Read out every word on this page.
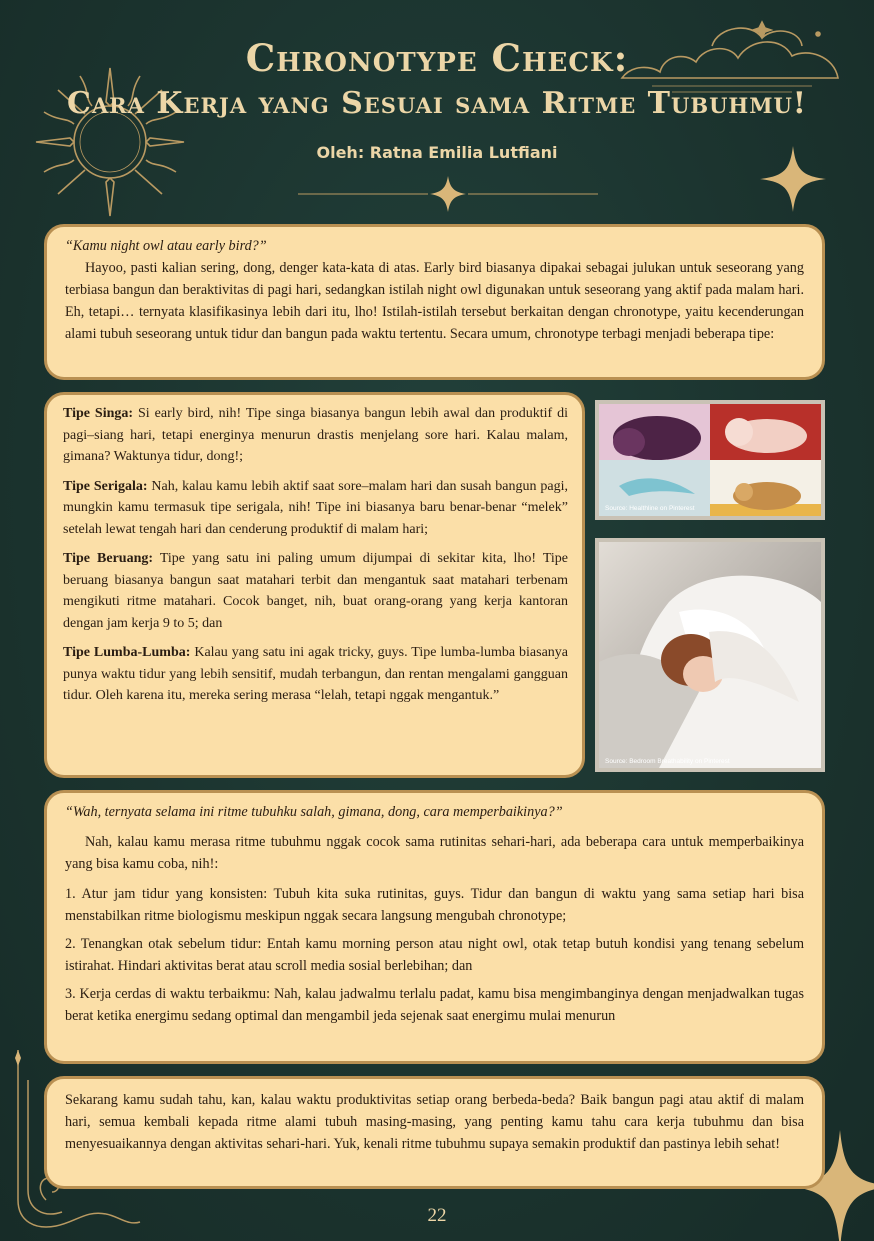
Chronotype Check:
Cara Kerja yang Sesuai sama Ritme Tubuhmu!
Oleh: Ratna Emilia Lutfiani

“Kamu night owl atau early bird?”

Hayoo, pasti kalian sering, dong, denger kata-kata di atas. Early bird biasanya dipakai sebagai julukan untuk seseorang yang terbiasa bangun dan beraktivitas di pagi hari, sedangkan istilah night owl digunakan untuk seseorang yang aktif pada malam hari. Eh, tetapi… ternyata klasifikasinya lebih dari itu, lho! Istilah-istilah tersebut berkaitan dengan chronotype, yaitu kecenderungan alami tubuh seseorang untuk tidur dan bangun pada waktu tertentu. Secara umum, chronotype terbagi menjadi beberapa tipe:

Tipe Singa: Si early bird, nih! Tipe singa biasanya bangun lebih awal dan produktif di pagi–siang hari, tetapi energinya menurun drastis menjelang sore hari. Kalau malam, gimana? Waktunya tidur, dong!;

Tipe Serigala: Nah, kalau kamu lebih aktif saat sore–malam hari dan susah bangun pagi, mungkin kamu termasuk tipe serigala, nih! Tipe ini biasanya baru benar-benar “melek” setelah lewat tengah hari dan cenderung produktif di malam hari;

Tipe Beruang: Tipe yang satu ini paling umum dijumpai di sekitar kita, lho! Tipe beruang biasanya bangun saat matahari terbit dan mengantuk saat matahari terbenam mengikuti ritme matahari. Cocok banget, nih, buat orang-orang yang kerja kantoran dengan jam kerja 9 to 5; dan

Tipe Lumba-Lumba: Kalau yang satu ini agak tricky, guys. Tipe lumba-lumba biasanya punya waktu tidur yang lebih sensitif, mudah terbangun, dan rentan mengalami gangguan tidur. Oleh karena itu, mereka sering merasa “lelah, tetapi nggak mengantuk.”

Source: Healthline on Pinterest
Source: Bedroom Breathability on Pinterest

“Wah, ternyata selama ini ritme tubuhku salah, gimana, dong, cara memperbaikinya?”

Nah, kalau kamu merasa ritme tubuhmu nggak cocok sama rutinitas sehari-hari, ada beberapa cara untuk memperbaikinya yang bisa kamu coba, nih!:

1. Atur jam tidur yang konsisten: Tubuh kita suka rutinitas, guys. Tidur dan bangun di waktu yang sama setiap hari bisa menstabilkan ritme biologismu meskipun nggak secara langsung mengubah chronotype;
2. Tenangkan otak sebelum tidur: Entah kamu morning person atau night owl, otak tetap butuh kondisi yang tenang sebelum istirahat. Hindari aktivitas berat atau scroll media sosial berlebihan; dan
3. Kerja cerdas di waktu terbaikmu: Nah, kalau jadwalmu terlalu padat, kamu bisa mengimbanginya dengan menjadwalkan tugas berat ketika energimu sedang optimal dan mengambil jeda sejenak saat energimu mulai menurun

Sekarang kamu sudah tahu, kan, kalau waktu produktivitas setiap orang berbeda-beda? Baik bangun pagi atau aktif di malam hari, semua kembali kepada ritme alami tubuh masing-masing, yang penting kamu tahu cara kerja tubuhmu dan bisa menyesuaikannya dengan aktivitas sehari-hari. Yuk, kenali ritme tubuhmu supaya semakin produktif dan pastinya lebih sehat!

22
